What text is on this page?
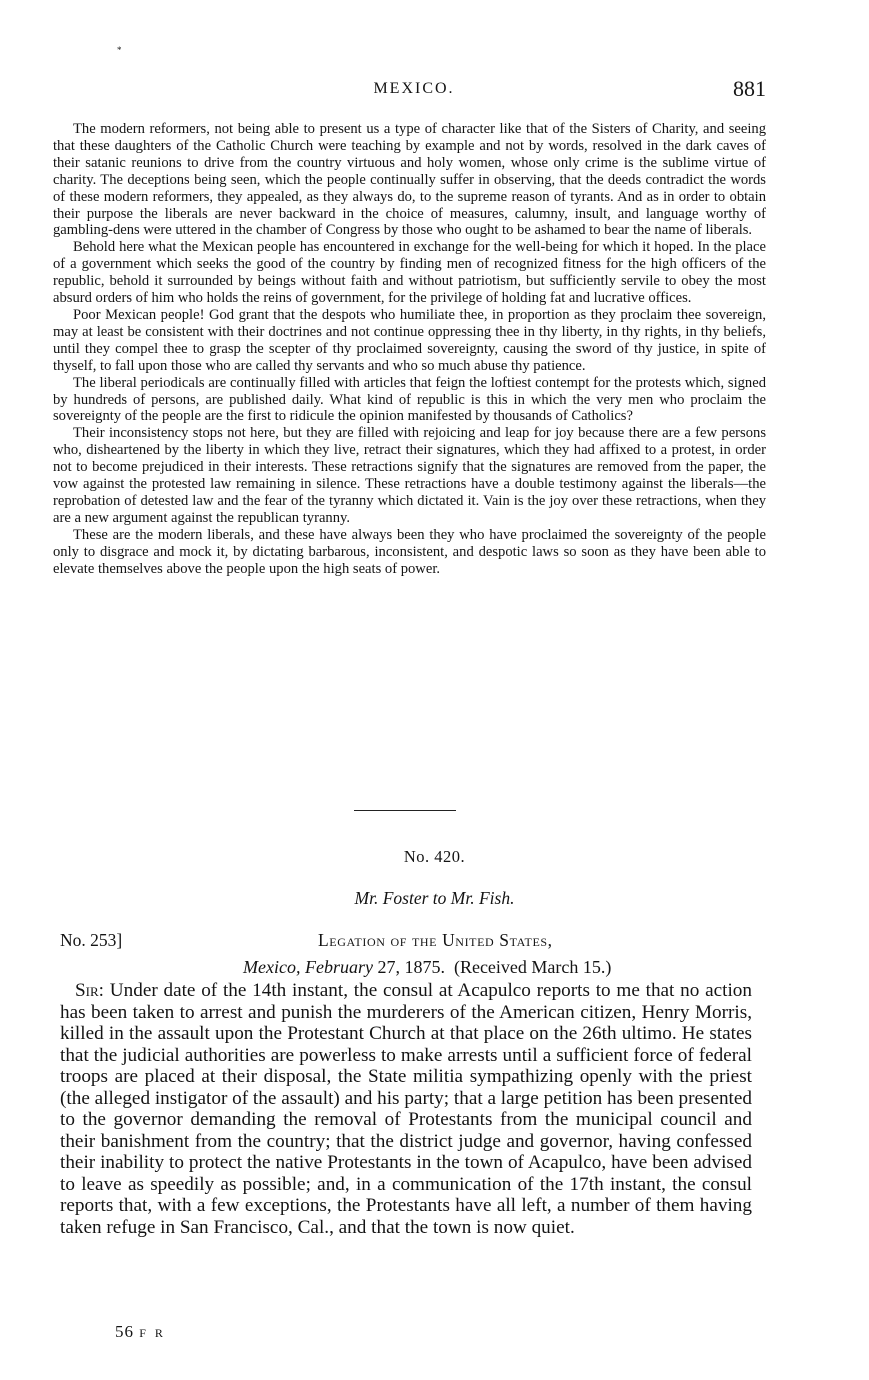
*
MEXICO.	881

The modern reformers, not being able to present us a type of character like that of the Sisters of Charity, and seeing that these daughters of the Catholic Church were teaching by example and not by words, resolved in the dark caves of their satanic reunions to drive from the country virtuous and holy women, whose only crime is the sublime virtue of charity. The deceptions being seen, which the people continually suffer in observing, that the deeds contradict the words of these modern reformers, they appealed, as they always do, to the supreme reason of tyrants. And as in order to obtain their purpose the liberals are never backward in the choice of measures, calumny, insult, and language worthy of gambling-dens were uttered in the chamber of Congress by those who ought to be ashamed to bear the name of liberals.

Behold here what the Mexican people has encountered in exchange for the well-being for which it hoped. In the place of a government which seeks the good of the country by finding men of recognized fitness for the high officers of the republic, behold it surrounded by beings without faith and without patriotism, but sufficiently servile to obey the most absurd orders of him who holds the reins of government, for the privilege of holding fat and lucrative offices.

Poor Mexican people! God grant that the despots who humiliate thee, in proportion as they proclaim thee sovereign, may at least be consistent with their doctrines and not continue oppressing thee in thy liberty, in thy rights, in thy beliefs, until they compel thee to grasp the scepter of thy proclaimed sovereignty, causing the sword of thy justice, in spite of thyself, to fall upon those who are called thy servants and who so much abuse thy patience.

The liberal periodicals are continually filled with articles that feign the loftiest contempt for the protests which, signed by hundreds of persons, are published daily. What kind of republic is this in which the very men who proclaim the sovereignty of the people are the first to ridicule the opinion manifested by thousands of Catholics?

Their inconsistency stops not here, but they are filled with rejoicing and leap for joy because there are a few persons who, disheartened by the liberty in which they live, retract their signatures, which they had affixed to a protest, in order not to become prejudiced in their interests. These retractions signify that the signatures are removed from the paper, the vow against the protested law remaining in silence. These retractions have a double testimony against the liberals—the reprobation of detested law and the fear of the tyranny which dictated it. Vain is the joy over these retractions, when they are a new argument against the republican tyranny.

These are the modern liberals, and these have always been they who have proclaimed the sovereignty of the people only to disgrace and mock it, by dictating barbarous, inconsistent, and despotic laws so soon as they have been able to elevate themselves above the people upon the high seats of power.

No. 420.
Mr. Foster to Mr. Fish.
No. 253]	Legation of the United States,
Mexico, February 27, 1875. (Received March 15.)

Sir: Under date of the 14th instant, the consul at Acapulco reports to me that no action has been taken to arrest and punish the murderers of the American citizen, Henry Morris, killed in the assault upon the Protestant Church at that place on the 26th ultimo. He states that the judicial authorities are powerless to make arrests until a sufficient force of federal troops are placed at their disposal, the State militia sympathizing openly with the priest (the alleged instigator of the assault) and his party; that a large petition has been presented to the governor demanding the removal of Protestants from the municipal council and their banishment from the country; that the district judge and governor, having confessed their inability to protect the native Protestants in the town of Acapulco, have been advised to leave as speedily as possible; and, in a communication of the 17th instant, the consul reports that, with a few exceptions, the Protestants have all left, a number of them having taken refuge in San Francisco, Cal., and that the town is now quiet.

56 F R
